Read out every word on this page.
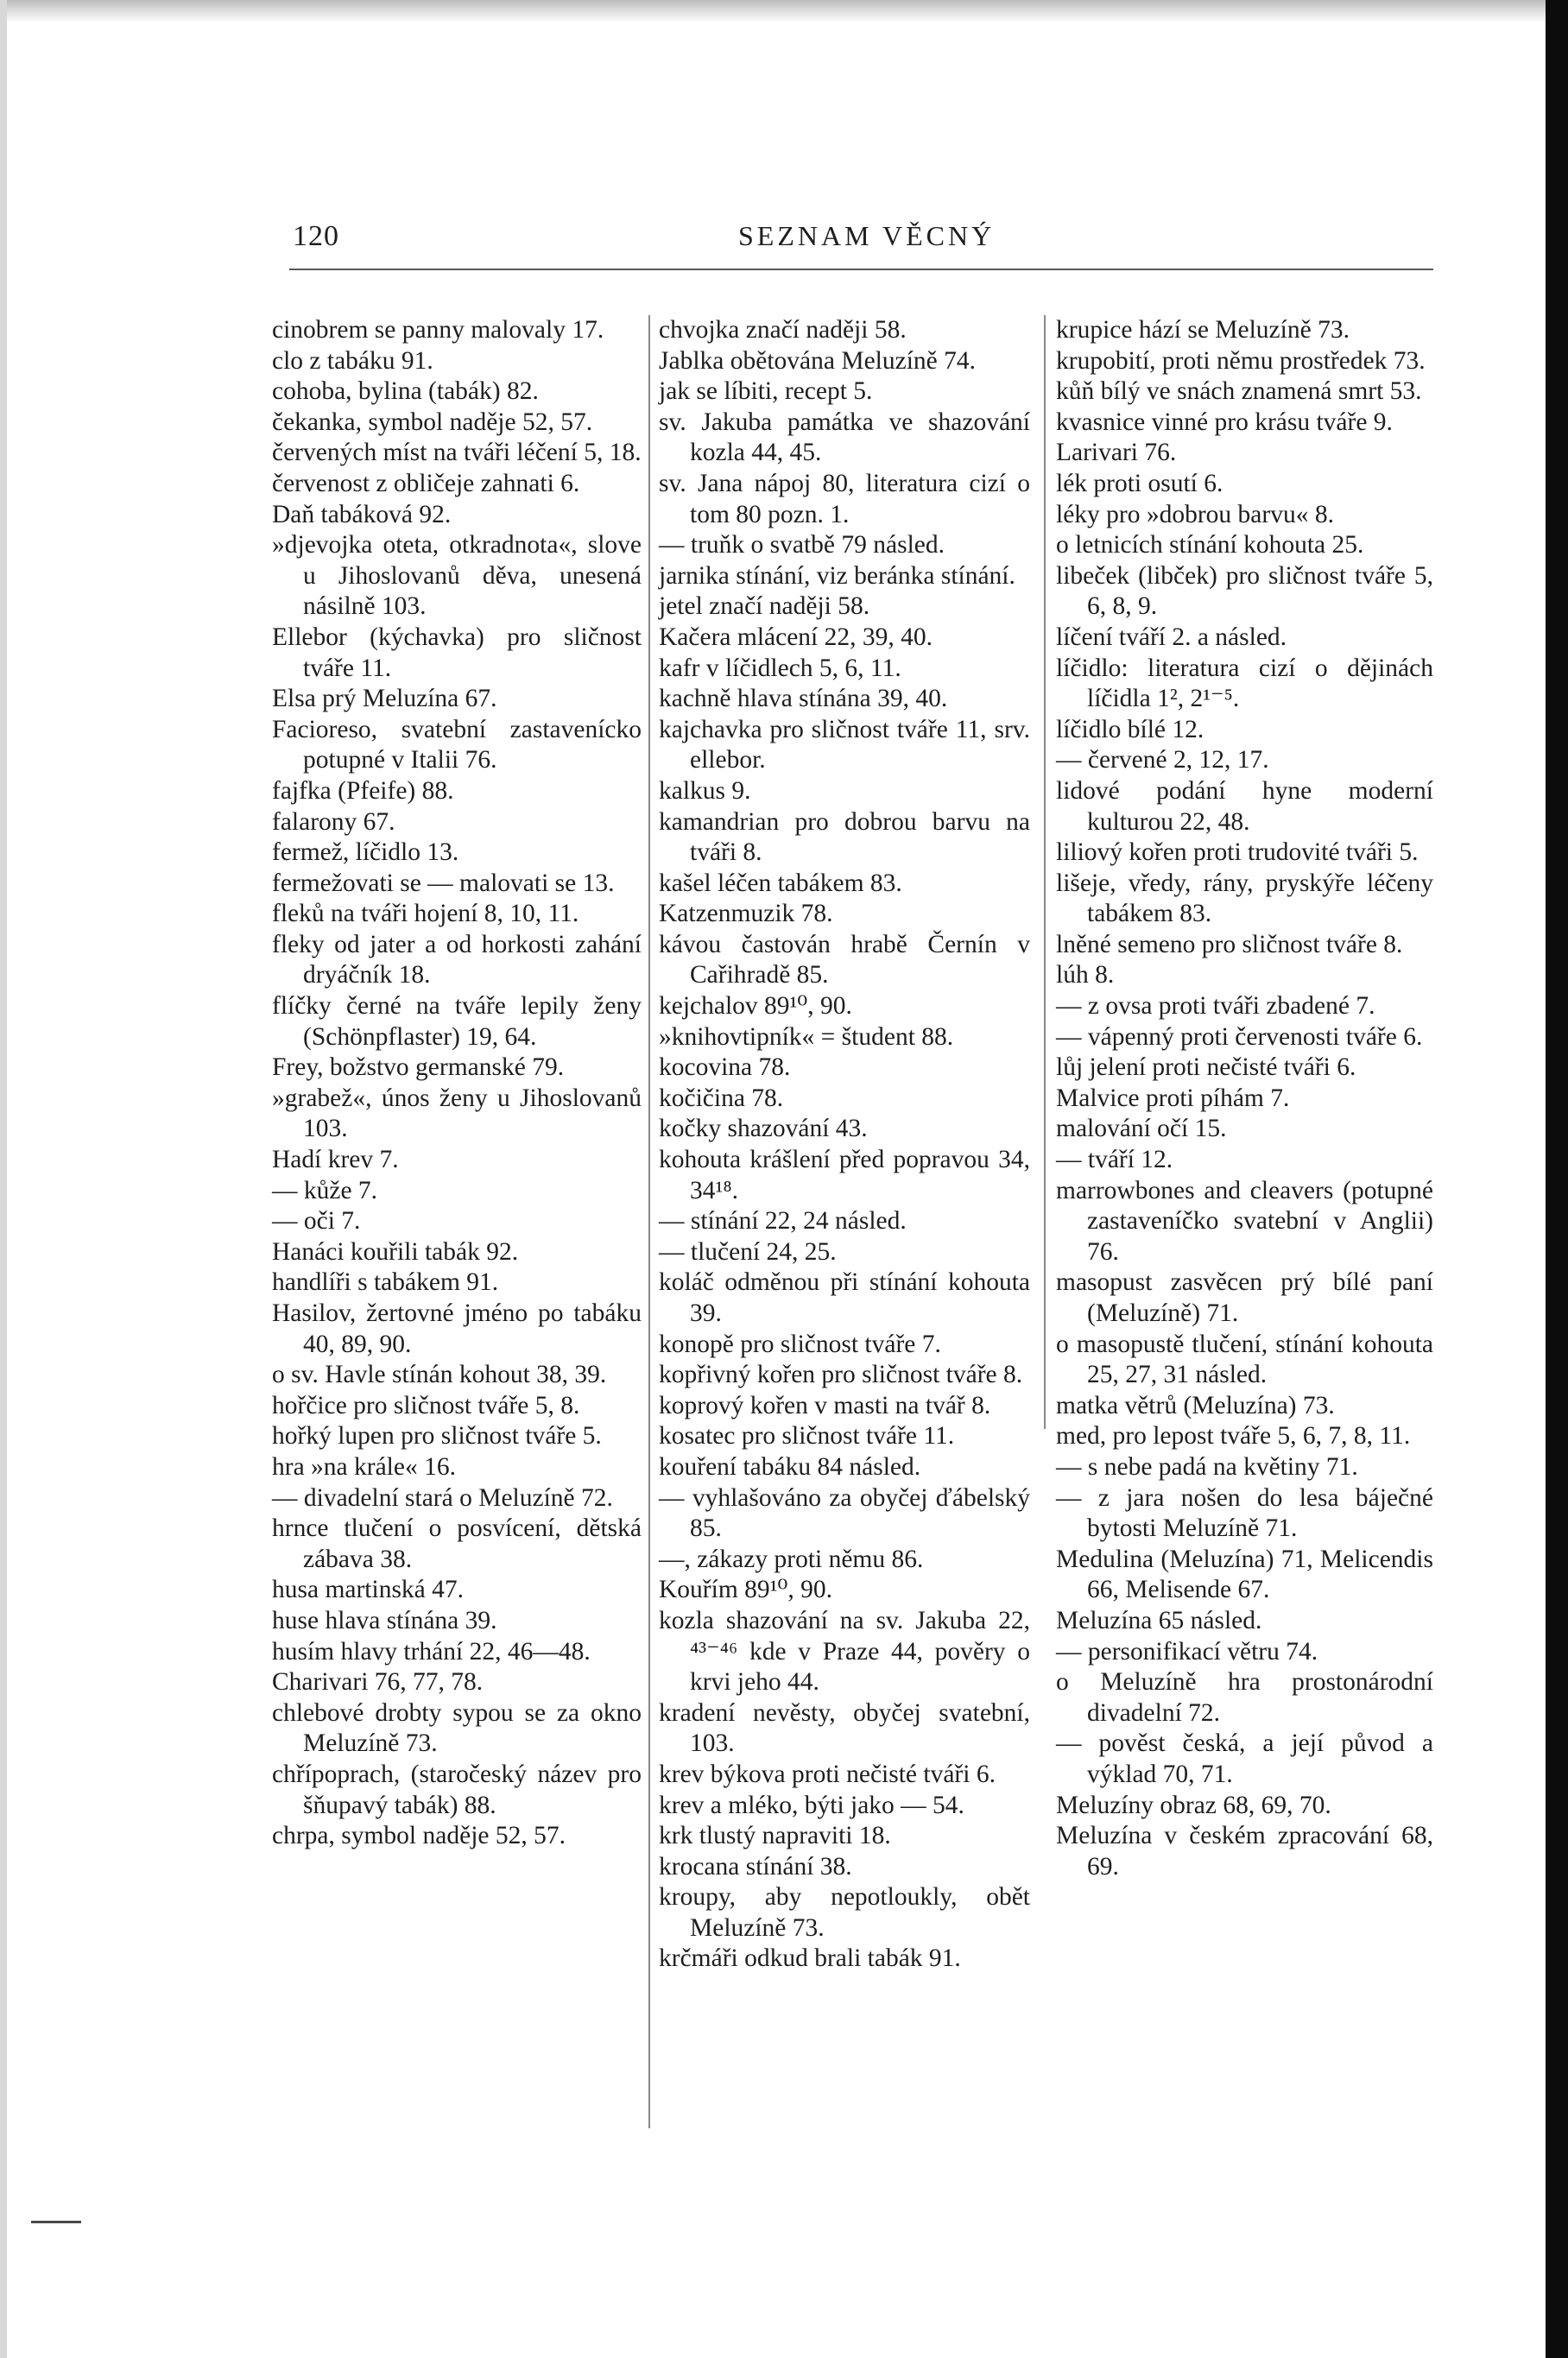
120	SEZNAM VĚCNÝ
cinobrem se panny malovaly 17.
clo z tabáku 91.
cohoba, bylina (tabák) 82.
čekanka, symbol naděje 52, 57.
červených míst na tváři léčení 5, 18.
červenost z obličeje zahnati 6.
Daň tabáková 92.
»djevojka oteta, otkradnota«, slove u Jihoslovanů děva, unesená násilně 103.
Ellebor (kýchavka) pro sličnost tváře 11.
Elsa prý Meluzína 67.
Facioreso, svatební zastavenícko potupné v Italii 76.
fajfka (Pfeife) 88.
falarony 67.
fermež, líčidlo 13.
fermežovati se — malovati se 13.
fleků na tváři hojení 8, 10, 11.
fleky od jater a od horkosti zahání dryáčník 18.
flíčky černé na tváře lepily ženy (Schönpflaster) 19, 64.
Frey, božstvo germanské 79.
»grabež«, únos ženy u Jihoslovanů 103.
Hadí krev 7.
— kůže 7.
— oči 7.
Hanáci kouřili tabák 92.
handlíři s tabákem 91.
Hasilov, žertovné jméno po tabáku 40, 89, 90.
o sv. Havle stínán kohout 38, 39.
hořčice pro sličnost tváře 5, 8.
hořký lupen pro sličnost tváře 5.
hra »na krále« 16.
— divadelní stará o Meluzíně 72.
hrnce tlučení o posvícení, dětská zábava 38.
husa martinská 47.
huse hlava stínána 39.
husím hlavy trhání 22, 46—48.
Charivari 76, 77, 78.
chlebové drobty sypou se za okno Meluzíně 73.
chřípoprach, (staročeský název pro šňupavý tabák) 88.
chrpa, symbol naděje 52, 57.
chvojka značí naději 58.
Jablka obětována Meluzíně 74.
jak se líbiti, recept 5.
sv. Jakuba památka ve shazování kozla 44, 45.
sv. Jana nápoj 80, literatura cizí o tom 80 pozn. 1.
— truňk o svatbě 79 násled.
jarnika stínání, viz beránka stínání.
jetel značí naději 58.
Kačera mlácení 22, 39, 40.
kafr v líčidlech 5, 6, 11.
kachně hlava stínána 39, 40.
kajchavka pro sličnost tváře 11, srv. ellebor.
kalkus 9.
kamandrian pro dobrou barvu na tváři 8.
kašel léčen tabákem 83.
Katzenmuzik 78.
kávou častován hrabě Černín v Cařihradě 85.
kejchalov 89¹⁰, 90.
»knihovtipník« = študent 88.
kocovina 78.
kočičina 78.
kočky shazování 43.
kohouta krášlení před popravou 34, 34¹⁸.
— stínání 22, 24 násled.
— tlučení 24, 25.
koláč odměnou při stínání kohouta 39.
konopě pro sličnost tváře 7.
kopřivný kořen pro sličnost tváře 8.
koprový kořen v masti na tvář 8.
kosatec pro sličnost tváře 11.
kouření tabáku 84 násled.
— vyhlašováno za obyčej ďábelský 85.
—, zákazy proti němu 86.
Kouřím 89¹⁰, 90.
kozla shazování na sv. Jakuba 22, ⁴³⁻⁴⁶ kde v Praze 44, pověry o krvi jeho 44.
kradení nevěsty, obyčej svatební, 103.
krev býkova proti nečisté tváři 6.
krev a mléko, býti jako — 54.
krk tlustý napraviti 18.
krocana stínání 38.
kroupy, aby nepotloukly, obět Meluzíně 73.
krčmáři odkud brali tabák 91.
krupice hází se Meluzíně 73.
krupobití, proti němu prostředek 73.
kůň bílý ve snách znamená smrt 53.
kvasnice vinné pro krásu tváře 9.
Larivari 76.
lék proti osutí 6.
léky pro »dobrou barvu« 8.
o letnicích stínání kohouta 25.
libeček (libček) pro sličnost tváře 5, 6, 8, 9.
líčení tváří 2. a násled.
líčidlo: literatura cizí o dějinách líčidla 1², 2¹⁻⁵.
líčidlo bílé 12.
— červené 2, 12, 17.
lidové podání hyne moderní kulturou 22, 48.
liliový kořen proti trudovité tváři 5.
lišeje, vředy, rány, pryskýře léčeny tabákem 83.
lněné semeno pro sličnost tváře 8.
lúh 8.
— z ovsa proti tváři zbadené 7.
— vápenný proti červenosti tváře 6.
lůj jelení proti nečisté tváři 6.
Malvice proti píhám 7.
malování očí 15.
— tváří 12.
marrowbones and cleavers (potupné zastaveníčko svatební v Anglii) 76.
masopust zasvěcen prý bílé paní (Meluzíně) 71.
o masopustě tlučení, stínání kohouta 25, 27, 31 násled.
matka větrů (Meluzína) 73.
med, pro lepost tváře 5, 6, 7, 8, 11.
— s nebe padá na květiny 71.
— z jara nošen do lesa báječné bytosti Meluzíně 71.
Medulina (Meluzína) 71, Melicendis 66, Melisende 67.
Meluzína 65 násled.
— personifikací větru 74.
o Meluzíně hra prostonárodní divadelní 72.
— pověst česká, a její původ a výklad 70, 71.
Meluzíny obraz 68, 69, 70.
Meluzína v českém zpracování 68, 69.
